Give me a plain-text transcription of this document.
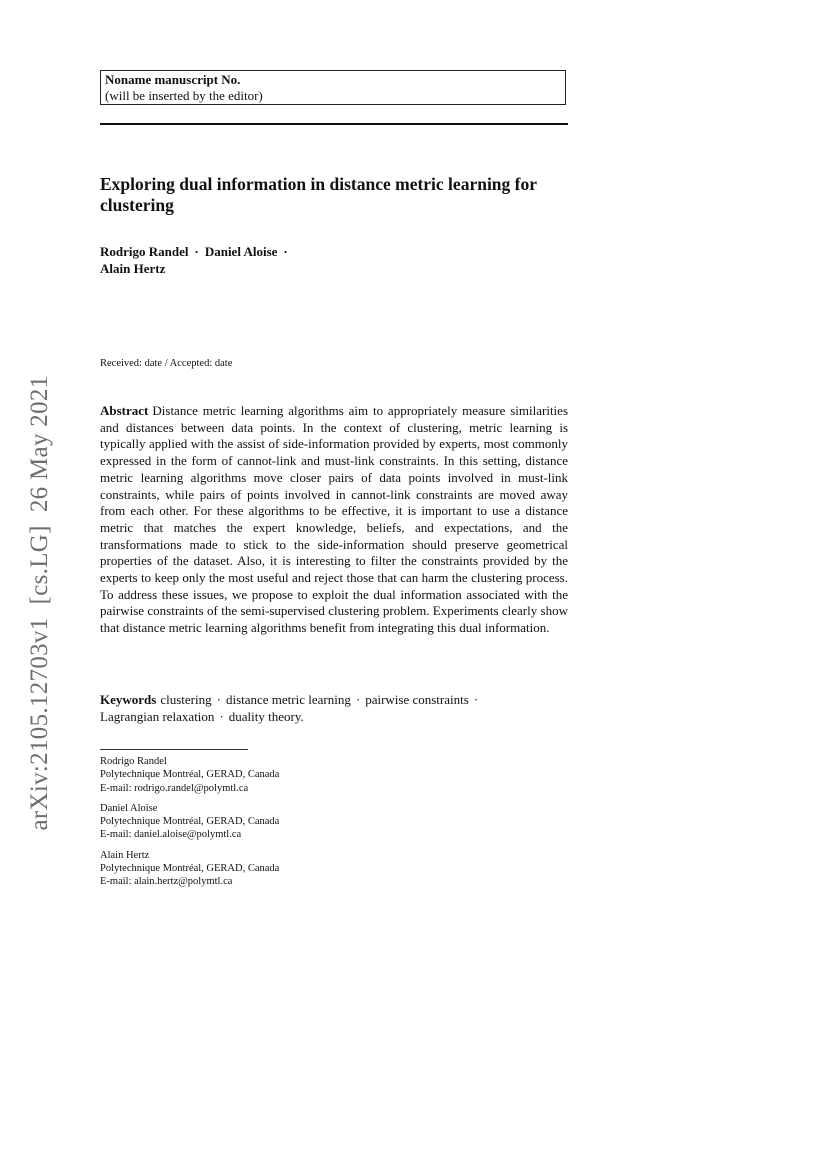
Noname manuscript No.
(will be inserted by the editor)
Exploring dual information in distance metric learning for clustering
Rodrigo Randel · Daniel Aloise ·
Alain Hertz
Received: date / Accepted: date

Abstract Distance metric learning algorithms aim to appropriately measure similarities and distances between data points. In the context of clustering, metric learning is typically applied with the assist of side-information provided by experts, most commonly expressed in the form of cannot-link and must-link constraints. In this setting, distance metric learning algorithms move closer pairs of data points involved in must-link constraints, while pairs of points involved in cannot-link constraints are moved away from each other. For these algorithms to be effective, it is important to use a distance metric that matches the expert knowledge, beliefs, and expectations, and the transformations made to stick to the side-information should preserve geometrical properties of the dataset. Also, it is interesting to filter the constraints provided by the experts to keep only the most useful and reject those that can harm the clustering process. To address these issues, we propose to exploit the dual information associated with the pairwise constraints of the semi-supervised clustering problem. Experiments clearly show that distance metric learning algorithms benefit from integrating this dual information.

Keywords clustering · distance metric learning · pairwise constraints ·
Lagrangian relaxation · duality theory.

Rodrigo Randel
Polytechnique Montréal, GERAD, Canada
E-mail: rodrigo.randel@polymtl.ca
Daniel Aloise
Polytechnique Montréal, GERAD, Canada
E-mail: daniel.aloise@polymtl.ca
Alain Hertz
Polytechnique Montréal, GERAD, Canada
E-mail: alain.hertz@polymtl.ca
arXiv:2105.12703v1  [cs.LG]  26 May 2021
